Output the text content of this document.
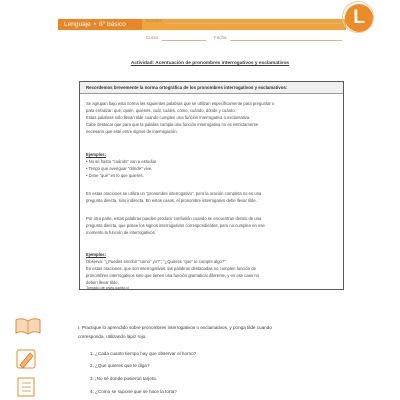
Lenguaje • 8° básico
Nombre
Curso	Fecha
L
Actividad: Acentuación de pronombres interrogativos y exclamativos
Recordemos brevemente la norma ortográfica de los pronombres interrogativos y exclamativos:
Se agrupan bajo esta norma las siguientes palabras que se utilizan específicamente para preguntar o
para enfatizar: qué, quién, quiénes, cuál, cuáles, cómo, cuándo, dónde y cuánto.
Estas palabras sólo llevan tilde cuando cumplen una función interrogativa o exclamativa.
Cabe destacar que para que la palabra cumpla una función interrogativa no es estrictamente
necesario que esté entre signos de interrogación.
Ejemplos:
• No sé hasta "cuándo" van a estudiar.
• Tengo que averiguar "dónde" vive.
• Dime "qué" es lo que quieres.
En estas oraciones se utiliza un "pronombre interrogativo", pero la oración completa no es una
pregunta directa, sino indirecta. En estos casos, el pronombre interrogativo debe llevar tilde.
Por otra parte, estas palabras pueden producir confusión cuando se encuentran dentro de una
pregunta directa, que posee los signos interrogativos correspondientes, pero no cumplen en ese
momento la función de interrogativos.
Ejemplos:
Observa: "¿Puedes escribir "como" yo?"; "¿Quieres "que" te compre algo?"
En estas oraciones, que son interrogativas, las palabras destacadas no cumplen función de
pronombres interrogativos sino que tienen una función gramatical diferente, y en ese caso no
deben llevar tilde.
Tomado de www.icarito.cl
I. Practique lo aprendido sobre pronombres interrogativos o exclamativos, y ponga tilde cuando
corresponda, utilizando lápiz rojo.
1. ¿Cada cuanto tiempo hay que observar el horno?
2. ¿Que quieres que te diga?
3. ¡No sé donde pusieron tarjeta.
4. ¿Como se supone que se hace la torta?
